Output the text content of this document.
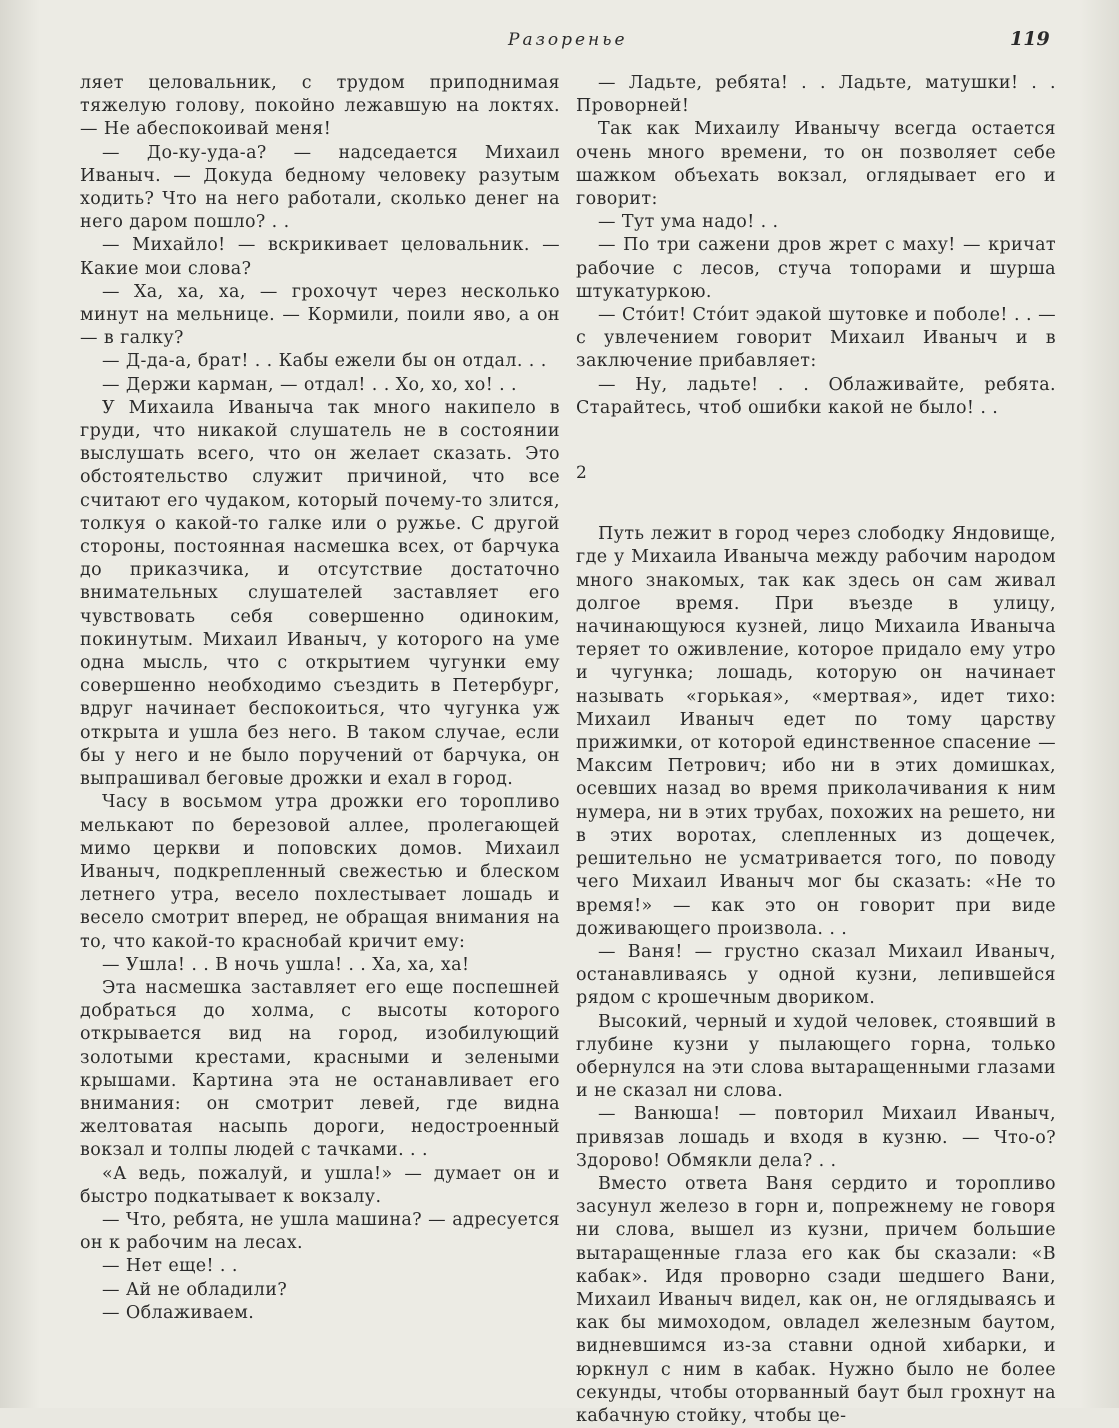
Разоренье	119

ляет целовальник, с трудом приподнимая тяжелую голову, покойно лежавшую на локтях. — Не абеспокоивай меня!

— До-ку-уда-а? — надседается Михаил Иваныч. — Докуда бедному человеку разутым ходить? Что на него работали, сколько денег на него даром пошло? . .

— Михайло! — вскрикивает целовальник. — Какие мои слова?

— Ха, ха, ха, — грохочут через несколько минут на мельнице. — Кормили, поили яво, а он — в галку?

— Д-да-а, брат! . . Кабы ежели бы он отдал. . .

— Держи карман, — отдал! . . Хо, хо, хо! . .

У Михаила Иваныча так много накипело в груди, что никакой слушатель не в состоянии выслушать всего, что он желает сказать. Это обстоятельство служит причиной, что все считают его чудаком, который почему-то злится, толкуя о какой-то галке или о ружье. С другой стороны, постоянная насмешка всех, от барчука до приказчика, и отсутствие достаточно внимательных слушателей заставляет его чувствовать себя совершенно одиноким, покинутым. Михаил Иваныч, у которого на уме одна мысль, что с открытием чугунки ему совершенно необходимо съездить в Петербург, вдруг начинает беспокоиться, что чугунка уж открыта и ушла без него. В таком случае, если бы у него и не было поручений от барчука, он выпрашивал беговые дрожки и ехал в город.

Часу в восьмом утра дрожки его торопливо мелькают по березовой аллее, пролегающей мимо церкви и поповских домов. Михаил Иваныч, подкрепленный свежестью и блеском летнего утра, весело похлестывает лошадь и весело смотрит вперед, не обращая внимания на то, что какой-то краснобай кричит ему:

— Ушла! . . В ночь ушла! . . Ха, ха, ха!

Эта насмешка заставляет его еще поспешней добраться до холма, с высоты которого открывается вид на город, изобилующий золотыми крестами, красными и зелеными крышами. Картина эта не останавливает его внимания: он смотрит левей, где видна желтоватая насыпь дороги, недостроенный вокзал и толпы людей с тачками. . .

«А ведь, пожалуй, и ушла!» — думает он и быстро подкатывает к вокзалу.

— Что, ребята, не ушла машина? — адресуется он к рабочим на лесах.

— Нет еще! . .

— Ай не обладили?

— Облаживаем.

— Ладьте, ребята! . . Ладьте, матушки! . . Проворней!

Так как Михаилу Иванычу всегда остается очень много времени, то он позволяет себе шажком объехать вокзал, оглядывает его и говорит:

— Тут ума надо! . .

— По три сажени дров жрет с маху! — кричат рабочие с лесов, стуча топорами и шурша штукатуркою.

— Сто́ит! Сто́ит эдакой шутовке и поболе! . . — с увлечением говорит Михаил Иваныч и в заключение прибавляет:

— Ну, ладьте! . . Облаживайте, ребята. Старайтесь, чтоб ошибки какой не было! . .

2

Путь лежит в город через слободку Яндовище, где у Михаила Иваныча между рабочим народом много знакомых, так как здесь он сам живал долгое время. При въезде в улицу, начинающуюся кузней, лицо Михаила Иваныча теряет то оживление, которое придало ему утро и чугунка; лошадь, которую он начинает называть «горькая», «мертвая», идет тихо: Михаил Иваныч едет по тому царству прижимки, от которой единственное спасение — Максим Петрович; ибо ни в этих домишках, осевших назад во время приколачивания к ним нумера, ни в этих трубах, похожих на решето, ни в этих воротах, слепленных из дощечек, решительно не усматривается того, по поводу чего Михаил Иваныч мог бы сказать: «Не то время!» — как это он говорит при виде доживающего произвола. . .

— Ваня! — грустно сказал Михаил Иваныч, останавливаясь у одной кузни, лепившейся рядом с крошечным двориком.

Высокий, черный и худой человек, стоявший в глубине кузни у пылающего горна, только обернулся на эти слова вытаращенными глазами и не сказал ни слова.

— Ванюша! — повторил Михаил Иваныч, привязав лошадь и входя в кузню. — Что-о? Здорово! Обмякли дела? . .

Вместо ответа Ваня сердито и торопливо засунул железо в горн и, попрежнему не говоря ни слова, вышел из кузни, причем большие вытаращенные глаза его как бы сказали: «В кабак». Идя проворно сзади шедшего Вани, Михаил Иваныч видел, как он, не оглядываясь и как бы мимоходом, овладел железным баутом, видневшимся из-за ставни одной хибарки, и юркнул с ним в кабак. Нужно было не более секунды, чтобы оторванный баут был грохнут на кабачную стойку, чтобы це-
